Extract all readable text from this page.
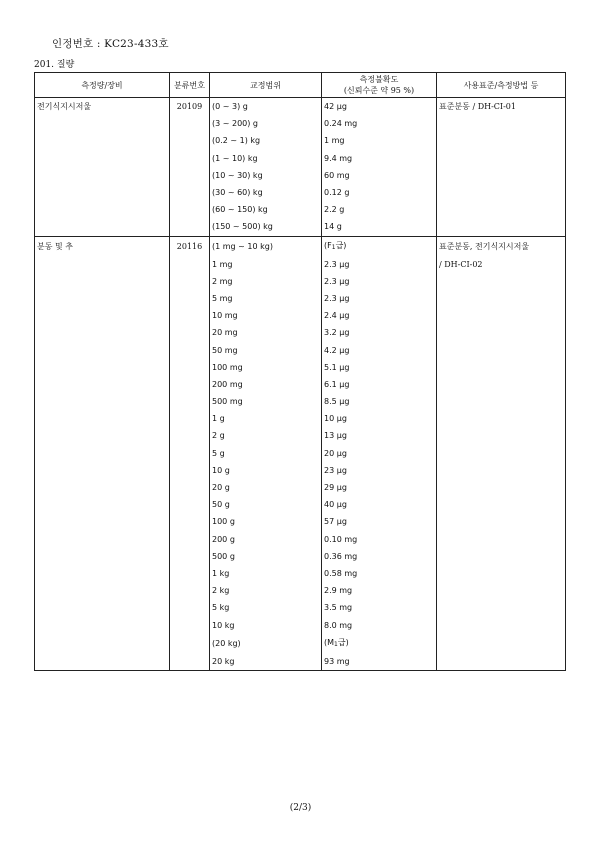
인정번호 : KC23-433호
201. 질량
측정량/장비	분류번호	교정범위	측정불확도
(신뢰수준 약 95 %)	사용표준/측정방법 등
전기식지시저울	20109	(0 ~ 3) g	42 μg	표준분동 / DH-CI-01
		(3 ~ 200) g	0.24 mg	
		(0.2 ~ 1) kg	1 mg	
		(1 ~ 10) kg	9.4 mg	
		(10 ~ 30) kg	60 mg	
		(30 ~ 60) kg	0.12 g	
		(60 ~ 150) kg	2.2 g	
		(150 ~ 500) kg	14 g	
분동 및 추	20116	(1 mg ~ 10 kg)	($F_1$급)	표준분동, 전기식지시저울
		1 mg	2.3 μg	/ DH-CI-02
		2 mg	2.3 μg	
		5 mg	2.3 μg	
		10 mg	2.4 μg	
		20 mg	3.2 μg	
		50 mg	4.2 μg	
		100 mg	5.1 μg	
		200 mg	6.1 μg	
		500 mg	8.5 μg	
		1 g	10 μg	
		2 g	13 μg	
		5 g	20 μg	
		10 g	23 μg	
		20 g	29 μg	
		50 g	40 μg	
		100 g	57 μg	
		200 g	0.10 mg	
		500 g	0.36 mg	
		1 kg	0.58 mg	
		2 kg	2.9 mg	
		5 kg	3.5 mg	
		10 kg	8.0 mg	
		(20 kg)	($M_1$급)	
		20 kg	93 mg	
(2/3)
